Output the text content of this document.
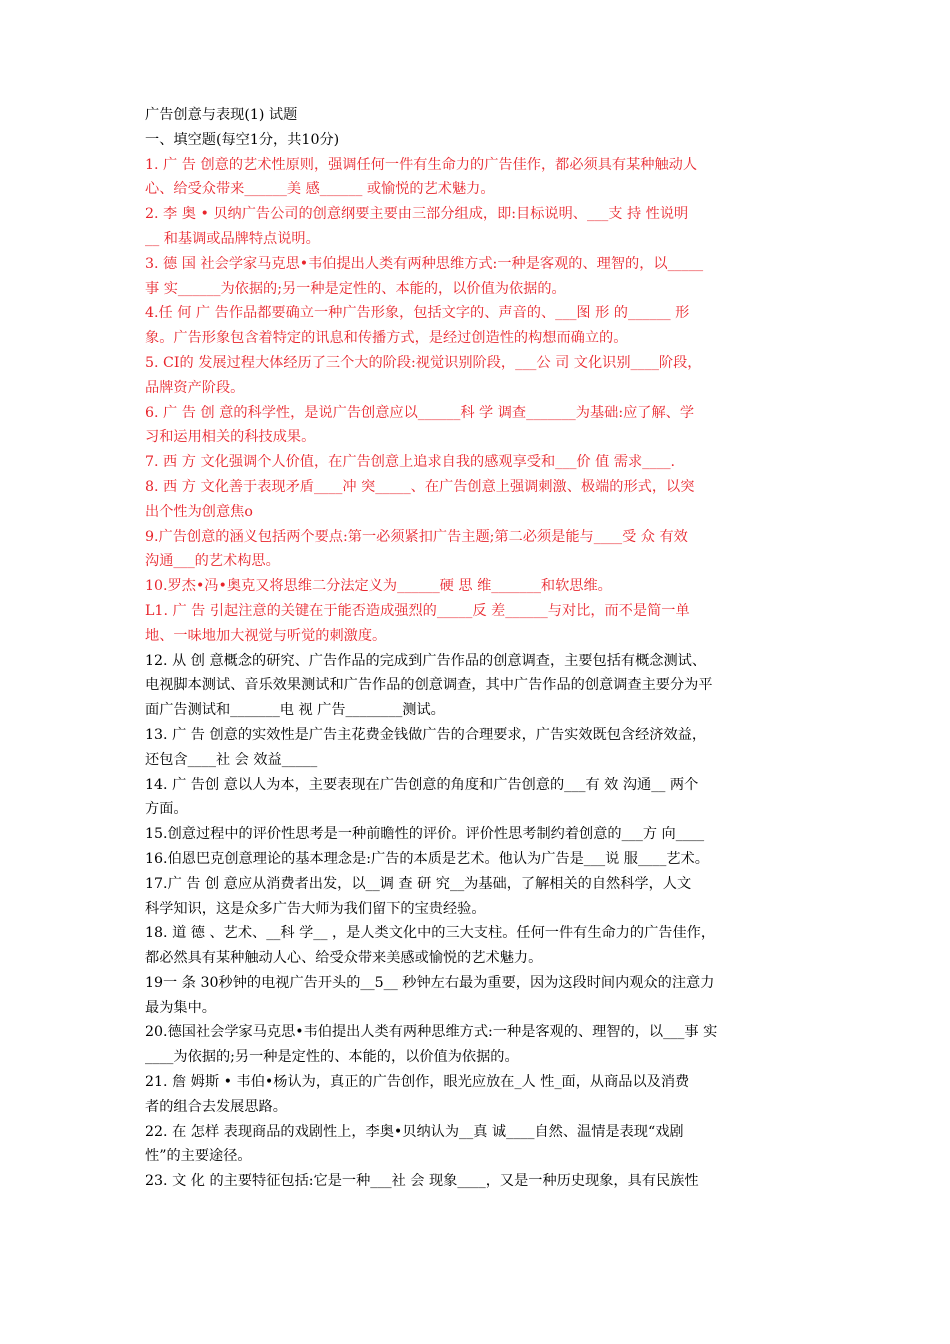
广告创意与表现(1) 试题
一、填空题(每空1分，共10分)
1. 广 告 创意的艺术性原则，强调任何一件有生命力的广告佳作，都必须具有某种触动人
心、给受众带来______美 感______ 或愉悦的艺术魅力。
2. 李 奥 • 贝纳广告公司的创意纲要主要由三部分组成，即:目标说明、___支 持 性说明
__ 和基调或品牌特点说明。
3. 德 国 社会学家马克思•韦伯提出人类有两种思维方式:一种是客观的、理智的，以_____
事 实______为依据的;另一种是定性的、本能的，以价值为依据的。
4.任 何 广 告作品都要确立一种广告形象，包括文字的、声音的、___图 形 的______ 形
象。广告形象包含着特定的讯息和传播方式，是经过创造性的构想而确立的。
5. CI的 发展过程大体经历了三个大的阶段:视觉识别阶段，___公 司 文化识别____阶段，
品牌资产阶段。
6. 广 告 创 意的科学性，是说广告创意应以______科 学 调查_______为基础:应了解、学
习和运用相关的科技成果。
7. 西 方 文化强调个人价值，在广告创意上追求自我的感观享受和___价 值 需求____.
8. 西 方 文化善于表现矛盾____冲 突_____、在广告创意上强调刺激、极端的形式，以突
出个性为创意焦o
9.广告创意的涵义包括两个要点:第一必须紧扣广告主题;第二必须是能与____受 众 有效
沟通___的艺术构思。
10.罗杰•冯•奥克又将思维二分法定义为______硬 思 维_______和软思维。
L1. 广 告 引起注意的关键在于能否造成强烈的_____反 差______与对比，而不是简一单
地、一味地加大视觉与听觉的刺激度。
12. 从 创 意概念的研究、广告作品的完成到广告作品的创意调查，主要包括有概念测试、
电视脚本测试、音乐效果测试和广告作品的创意调查，其中广告作品的创意调查主要分为平
面广告测试和_______电 视 广告________测试。
13. 广 告 创意的实效性是广告主花费金钱做广告的合理要求，广告实效既包含经济效益，
还包含____社 会 效益_____
14. 广 告创 意以人为本，主要表现在广告创意的角度和广告创意的___有 效 沟通__ 两个
方面。
15.创意过程中的评价性思考是一种前瞻性的评价。评价性思考制约着创意的___方 向____
16.伯恩巴克创意理论的基本理念是:广告的本质是艺术。他认为广告是___说 服____艺术。
17.广 告 创 意应从消费者出发，以__调 查 研 究__为基础，了解相关的自然科学，人文
科学知识，这是众多广告大师为我们留下的宝贵经验。
18. 道 德 、艺术、__科 学__ ，是人类文化中的三大支柱。任何一件有生命力的广告佳作，
都必然具有某种触动人心、给受众带来美感或愉悦的艺术魅力。
19一 条 30秒钟的电视广告开头的__5__ 秒钟左右最为重要，因为这段时间内观众的注意力
最为集中。
20.德国社会学家马克思•韦伯提出人类有两种思维方式:一种是客观的、理智的，以___事 实
____为依据的;另一种是定性的、本能的，以价值为依据的。
21. 詹 姆斯 • 韦伯•杨认为，真正的广告创作，眼光应放在_人 性_面，从商品以及消费
者的组合去发展思路。
22. 在 怎样 表现商品的戏剧性上，李奥•贝纳认为__真 诚____自然、温情是表现“戏剧
性”的主要途径。
23. 文 化 的主要特征包括:它是一种___社 会 现象____，又是一种历史现象，具有民族性
